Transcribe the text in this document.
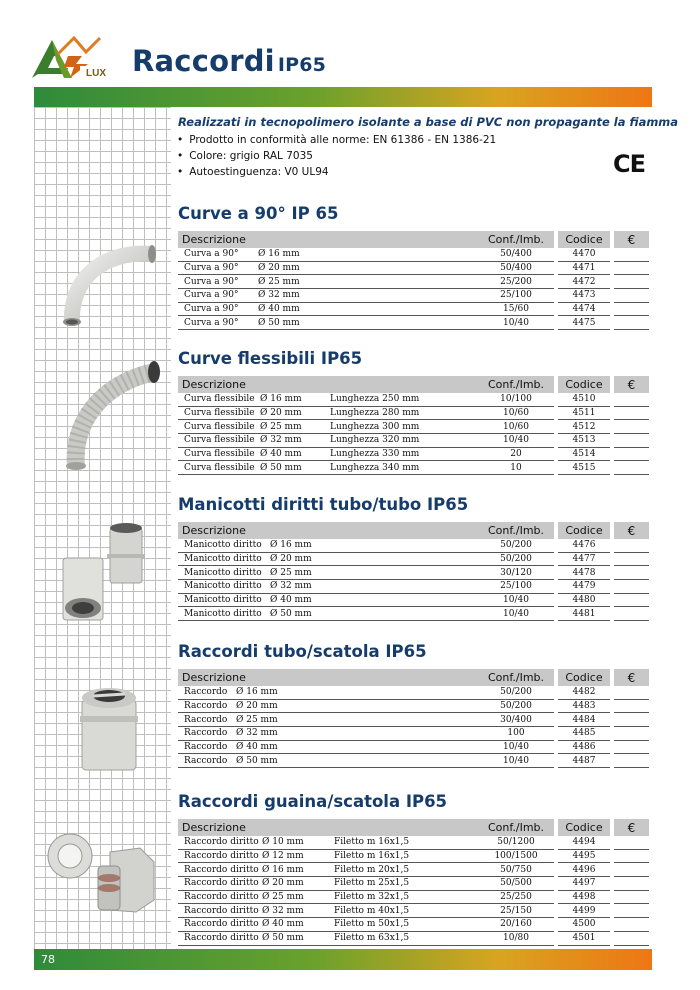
LUX Raccordi IP65
Realizzati in tecnopolimero isolante a base di PVC non propagante la fiamma
• Prodotto in conformità alle norme: EN 61386 - EN 1386-21
• Colore: grigio RAL 7035
• Autoestinguenza: V0 UL94	CE
Curve a 90° IP 65
Descrizione			Conf./Imb.		Codice		€
Curva a 90°	Ø 16 mm		50/400		4470		
Curva a 90°	Ø 20 mm		50/400		4471		
Curva a 90°	Ø 25 mm		25/200		4472		
Curva a 90°	Ø 32 mm		25/100		4473		
Curva a 90°	Ø 40 mm		15/60		4474		
Curva a 90°	Ø 50 mm		10/40		4475		
Curve flessibili IP65
Descrizione			Conf./Imb.		Codice		€
Curva flessibile	Ø 16 mm	Lunghezza 250 mm	10/100		4510		
Curva flessibile	Ø 20 mm	Lunghezza 280 mm	10/60		4511		
Curva flessibile	Ø 25 mm	Lunghezza 300 mm	10/60		4512		
Curva flessibile	Ø 32 mm	Lunghezza 320 mm	10/40		4513		
Curva flessibile	Ø 40 mm	Lunghezza 330 mm	20		4514		
Curva flessibile	Ø 50 mm	Lunghezza 340 mm	10		4515		
Manicotti diritti tubo/tubo IP65
Descrizione		Conf./Imb.		Codice		€
Manicotto diritto	Ø 16 mm		50/200		4476		
Manicotto diritto	Ø 20 mm		50/200		4477		
Manicotto diritto	Ø 25 mm		30/120		4478		
Manicotto diritto	Ø 32 mm		25/100		4479		
Manicotto diritto	Ø 40 mm		10/40		4480		
Manicotto diritto	Ø 50 mm		10/40		4481		
Raccordi tubo/scatola IP65
Descrizione		Conf./Imb.		Codice		€
Raccordo	Ø 16 mm		50/200		4482		
Raccordo	Ø 20 mm		50/200		4483		
Raccordo	Ø 25 mm		30/400		4484		
Raccordo	Ø 32 mm		100		4485		
Raccordo	Ø 40 mm		10/40		4486		
Raccordo	Ø 50 mm		10/40		4487		
Raccordi guaina/scatola IP65
Descrizione			Conf./Imb.		Codice		€
Raccordo diritto	Ø 10 mm	Filetto m 16x1,5	50/1200		4494		
Raccordo diritto	Ø 12 mm	Filetto m 16x1,5	100/1500		4495		
Raccordo diritto	Ø 16 mm	Filetto m 20x1,5	50/750		4496		
Raccordo diritto	Ø 20 mm	Filetto m 25x1,5	50/500		4497		
Raccordo diritto	Ø 25 mm	Filetto m 32x1,5	25/250		4498		
Raccordo diritto	Ø 32 mm	Filetto m 40x1,5	25/150		4499		
Raccordo diritto	Ø 40 mm	Filetto m 50x1,5	20/160		4500		
Raccordo diritto	Ø 50 mm	Filetto m 63x1,5	10/80		4501		
78
